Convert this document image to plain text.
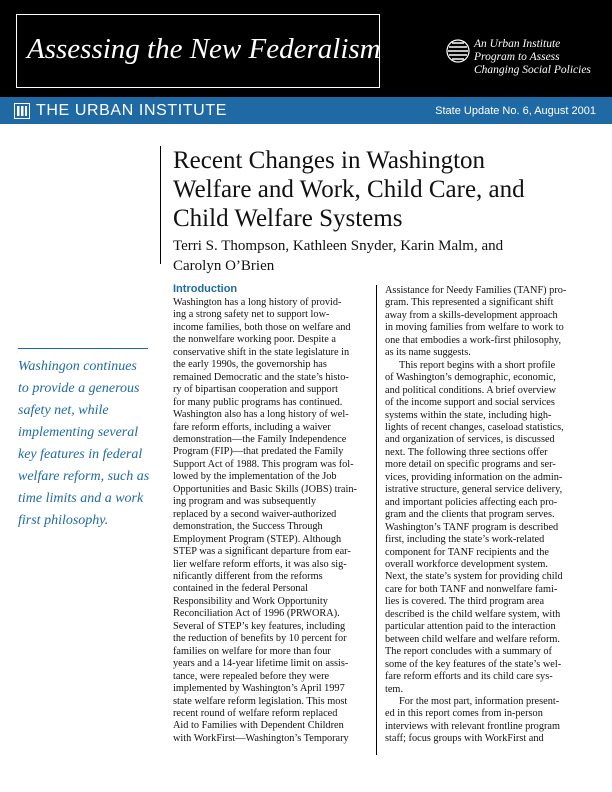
Assessing the New Federalism	An Urban Institute
Program to Assess
Changing Social Policies
THE URBAN INSTITUTE	State Update No. 6, August 2001
Recent Changes in Washington
Welfare and Work, Child Care, and
Child Welfare Systems
Terri S. Thompson, Kathleen Snyder, Karin Malm, and
Carolyn O’Brien
Washingon continues
to provide a generous
safety net, while
implementing several
key features in federal
welfare reform, such as
time limits and a work
first philosophy.
Introduction
Washington has a long history of provid-
ing a strong safety net to support low-
income families, both those on welfare and
the nonwelfare working poor. Despite a
conservative shift in the state legislature in
the early 1990s, the governorship has
remained Democratic and the state’s histo-
ry of bipartisan cooperation and support
for many public programs has continued.
Washington also has a long history of wel-
fare reform efforts, including a waiver
demonstration—the Family Independence
Program (FIP)—that predated the Family
Support Act of 1988. This program was fol-
lowed by the implementation of the Job
Opportunities and Basic Skills (JOBS) train-
ing program and was subsequently
replaced by a second waiver-authorized
demonstration, the Success Through
Employment Program (STEP). Although
STEP was a significant departure from ear-
lier welfare reform efforts, it was also sig-
nificantly different from the reforms
contained in the federal Personal
Responsibility and Work Opportunity
Reconciliation Act of 1996 (PRWORA).
Several of STEP’s key features, including
the reduction of benefits by 10 percent for
families on welfare for more than four
years and a 14-year lifetime limit on assis-
tance, were repealed before they were
implemented by Washington’s April 1997
state welfare reform legislation. This most
recent round of welfare reform replaced
Aid to Families with Dependent Children
with WorkFirst—Washington’s Temporary
Assistance for Needy Families (TANF) pro-
gram. This represented a significant shift
away from a skills-development approach
in moving families from welfare to work to
one that embodies a work-first philosophy,
as its name suggests.
This report begins with a short profile
of Washington’s demographic, economic,
and political conditions. A brief overview
of the income support and social services
systems within the state, including high-
lights of recent changes, caseload statistics,
and organization of services, is discussed
next. The following three sections offer
more detail on specific programs and ser-
vices, providing information on the admin-
istrative structure, general service delivery,
and important policies affecting each pro-
gram and the clients that program serves.
Washington’s TANF program is described
first, including the state’s work-related
component for TANF recipients and the
overall workforce development system.
Next, the state’s system for providing child
care for both TANF and nonwelfare fami-
lies is covered. The third program area
described is the child welfare system, with
particular attention paid to the interaction
between child welfare and welfare reform.
The report concludes with a summary of
some of the key features of the state’s wel-
fare reform efforts and its child care sys-
tem.
For the most part, information present-
ed in this report comes from in-person
interviews with relevant frontline program
staff; focus groups with WorkFirst and
